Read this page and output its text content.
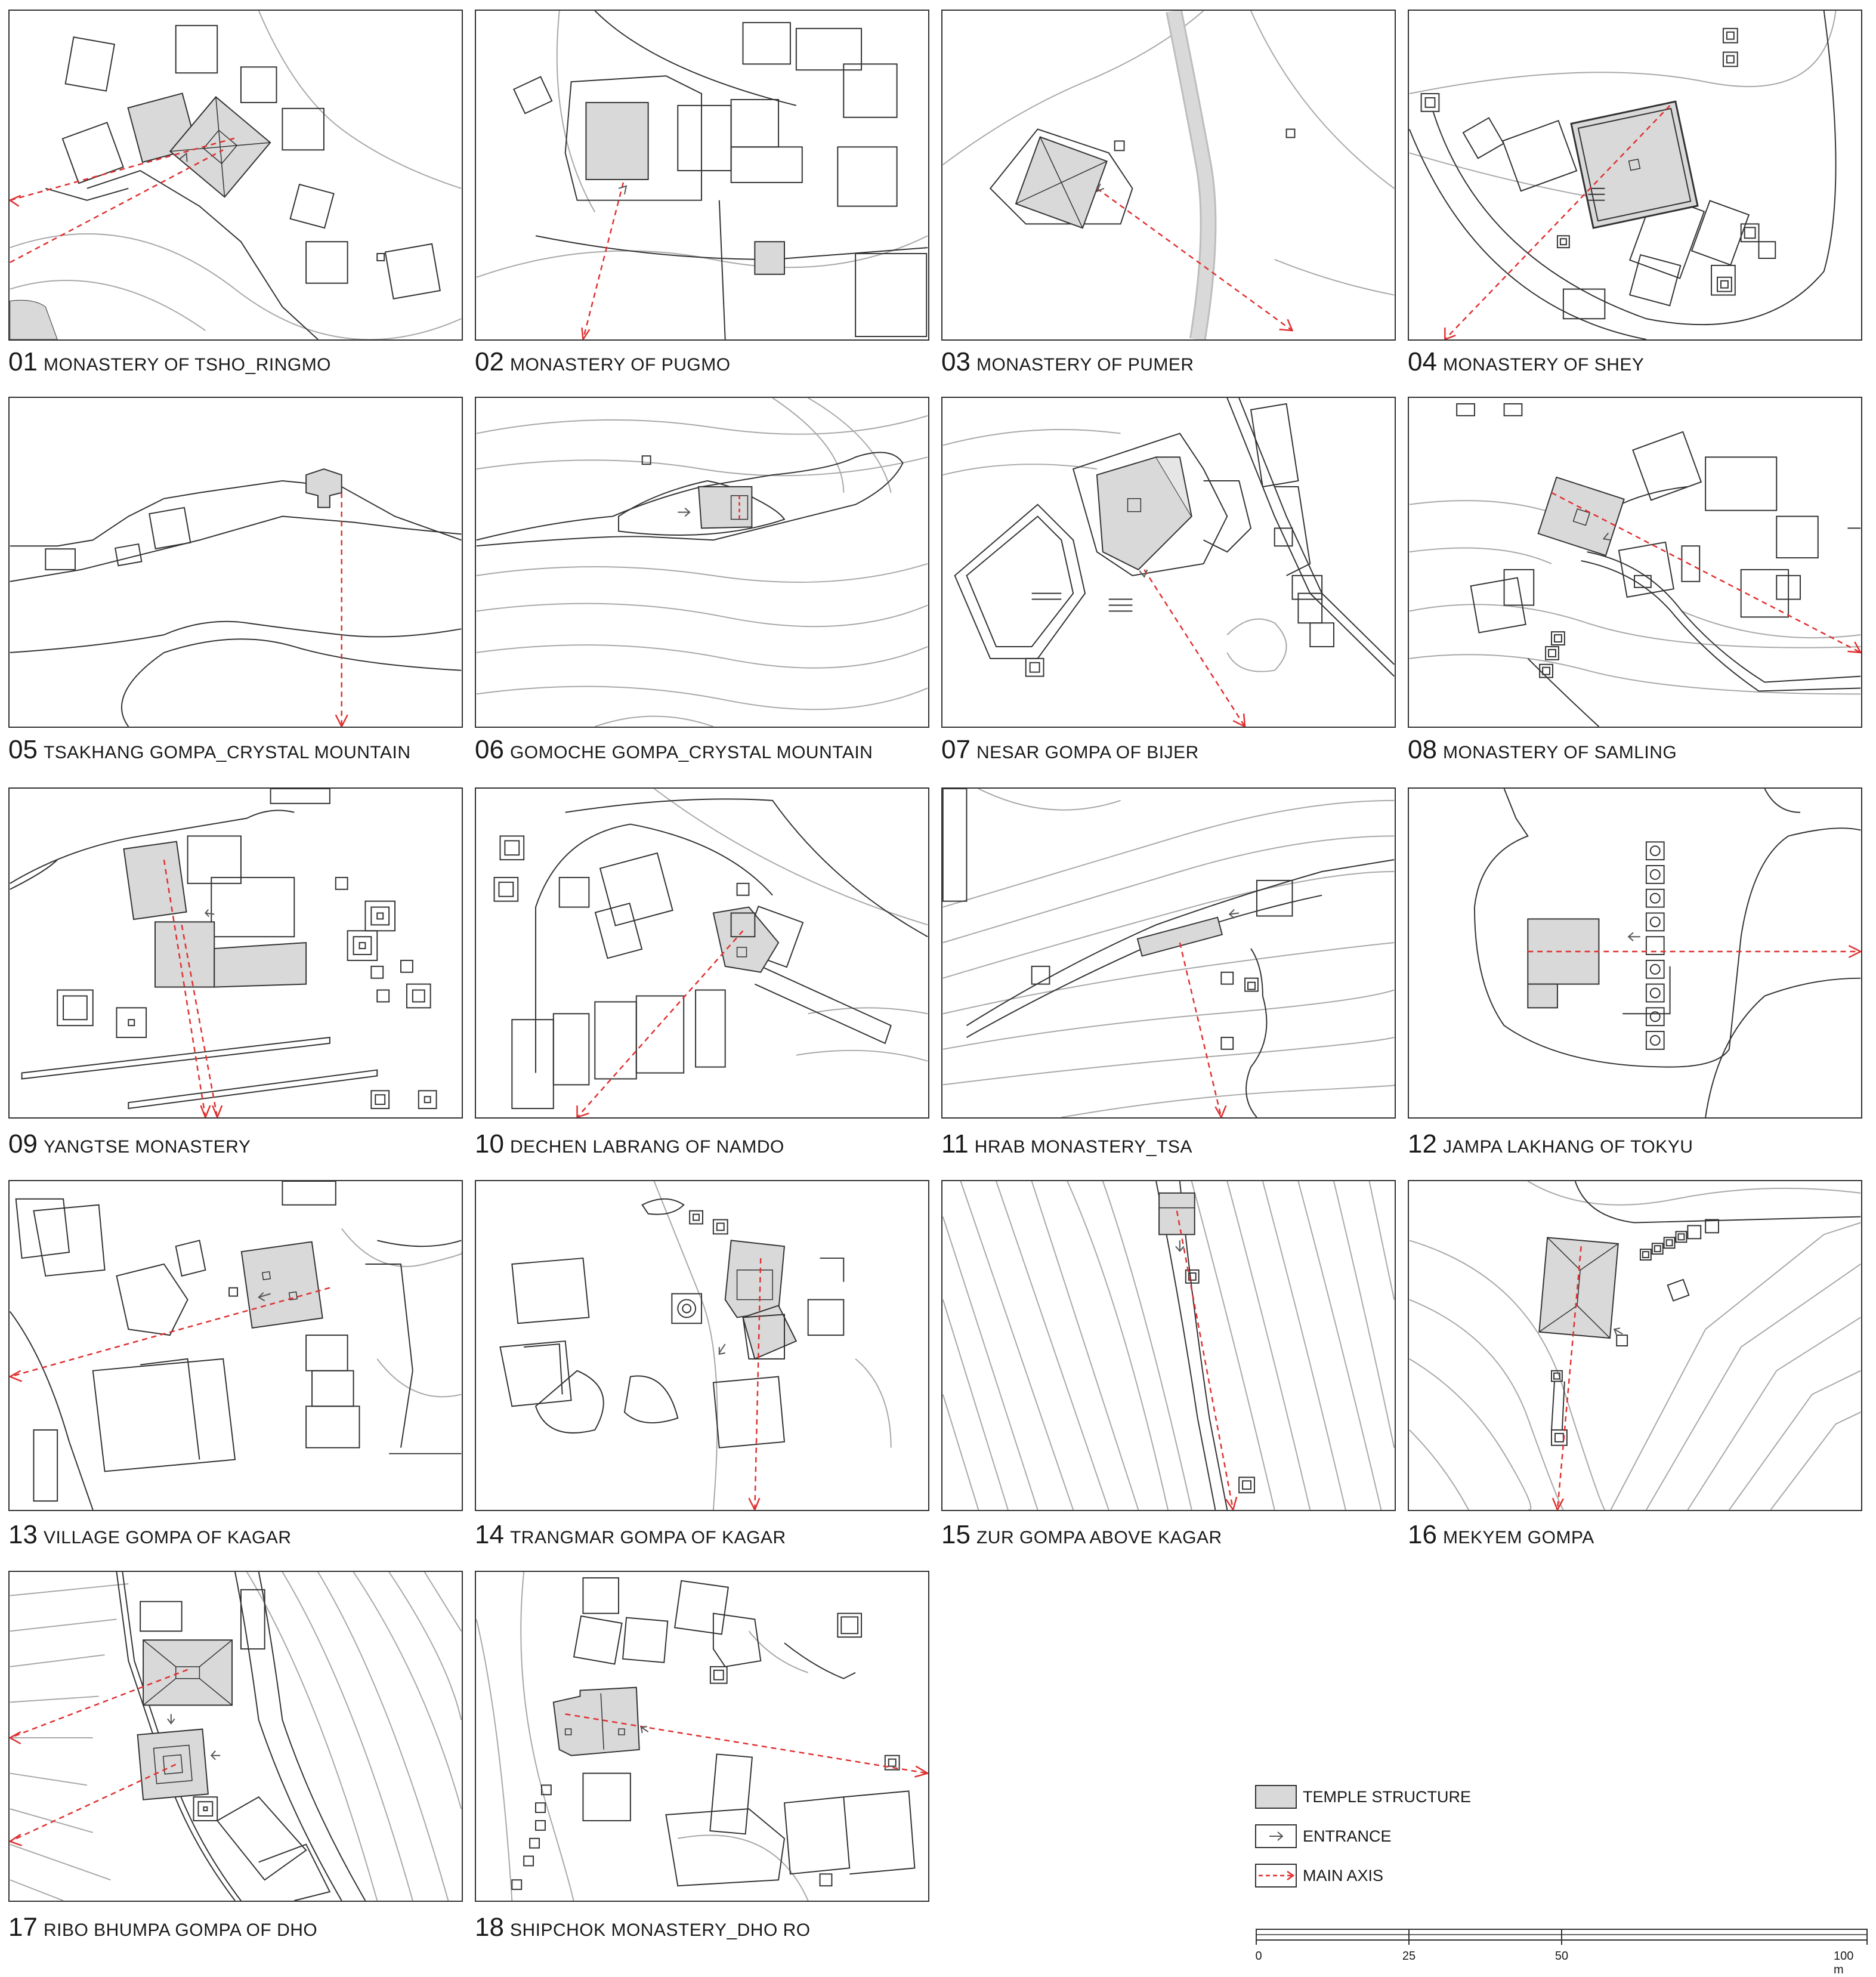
01 MONASTERY OF TSHO_RINGMO	02 MONASTERY OF PUGMO	03 MONASTERY OF PUMER	04 MONASTERY OF SHEY
05 TSAKHANG GOMPA_CRYSTAL MOUNTAIN 06 GOMOCHE GOMPA_CRYSTAL MOUNTAIN	07 NESAR GOMPA OF BIJER	08 MONASTERY OF SAMLING
09 YANGTSE MONASTERY	10 DECHEN LABRANG OF NAMDO	11 HRAB MONASTERY_TSA	12 JAMPA LAKHANG OF TOKYU
13 VILLAGE GOMPA OF KAGAR	14 TRANGMAR GOMPA OF KAGAR	15 ZUR GOMPA ABOVE KAGAR	16 MEKYEM GOMPA
17 RIBO BHUMPA GOMPA OF DHO	18 SHIPCHOK MONASTERY_DHO RO
TEMPLE STRUCTURE
ENTRANCE
MAIN AXIS
0	25	50	100 m
